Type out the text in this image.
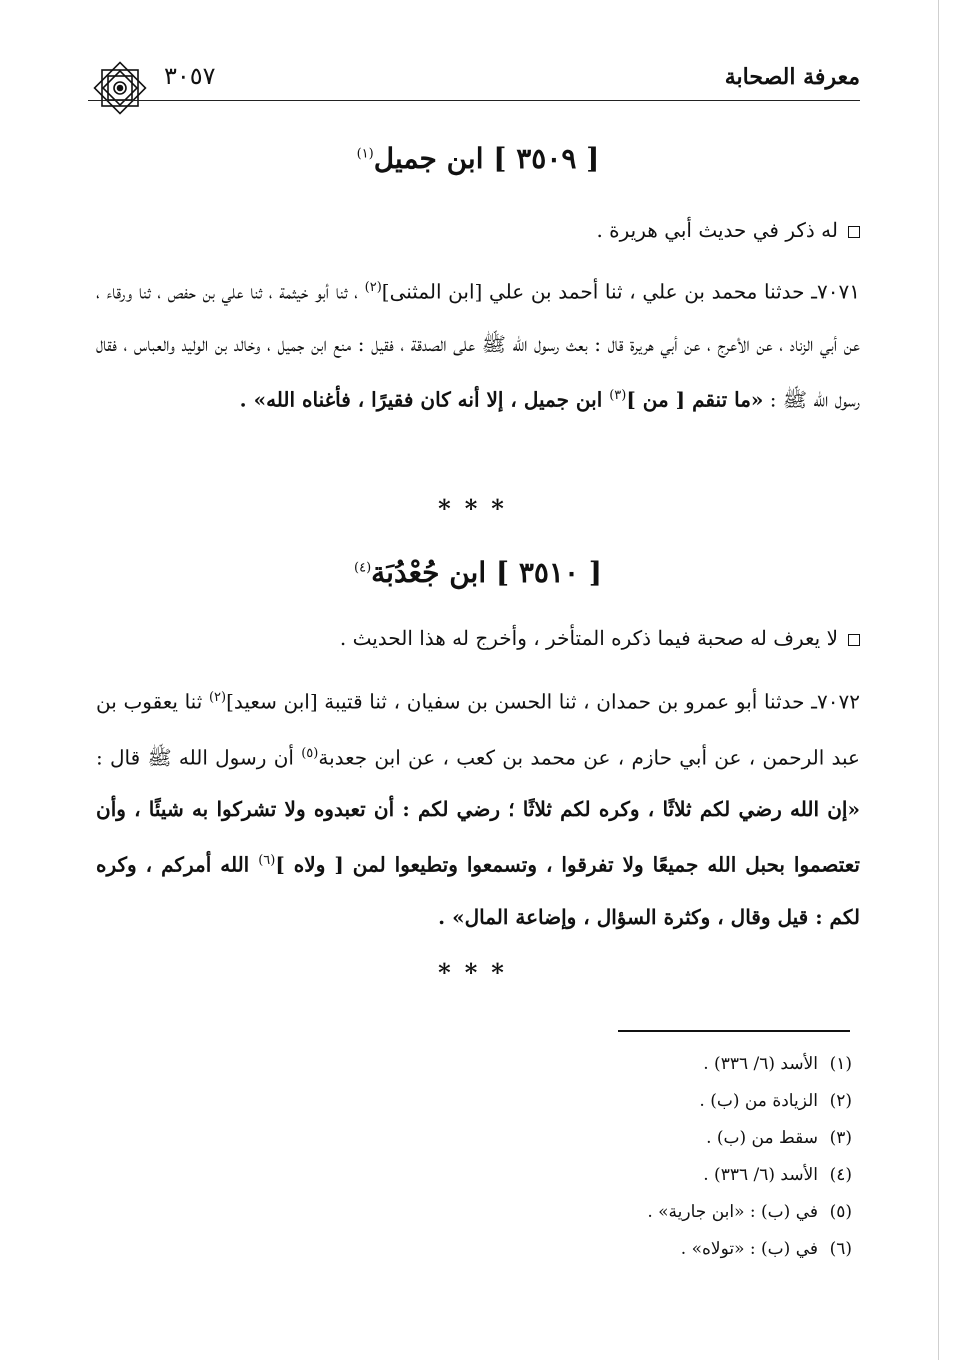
معرفة الصحابة
٣٠٥٧
[ ٣٥٠٩ ] ابن جميل$^{(١)}$

له ذكر في حديث أبي هريرة .

٧٠٧١ـ حدثنا محمد بن علي ، ثنا أحمد بن علي [ابن المثنى]$^{(٢)}$ ، ثنا أبو خيثمة ، ثنا علي بن حفص ، ثنا ورقاء ، عن أبي الزناد ، عن الأعرج ، عن أبي هريرة قال : بعث رسول الله ﷺ على الصدقة ، فقيل : منع ابن جميل ، وخالد بن الوليد والعباس ، فقال رسول الله ﷺ : «ما تنقم [ من ]$^{(٣)}$ ابن جميل ، إلا أنه كان فقيرًا ، فأغناه الله» .

***
[ ٣٥١٠ ] ابن جُعْدُبَة$^{(٤)}$

لا يعرف له صحبة فيما ذكره المتأخر ، وأخرج له هذا الحديث .

٧٠٧٢ـ حدثنا أبو عمرو بن حمدان ، ثنا الحسن بن سفيان ، ثنا قتيبة [ابن سعيد]$^{(٢)}$ ثنا يعقوب بن عبد الرحمن ، عن أبي حازم ، عن محمد بن كعب ، عن ابن جعدبة$^{(٥)}$ أن رسول الله ﷺ قال : «إن الله رضي لكم ثلاثًا ، وكره لكم ثلاثًا ؛ رضي لكم : أن تعبدوه ولا تشركوا به شيئًا ، وأن تعتصموا بحبل الله جميعًا ولا تفرقوا ، وتسمعوا وتطيعوا لمن [ ولاه ]$^{(٦)}$ الله أمركم ، وكره لكم : قيل وقال ، وكثرة السؤال ، وإضاعة المال» .

***

(١)الأسد (٦/ ٣٣٦) .

(٢)الزيادة من (ب) .

(٣)سقط من (ب) .

(٤)الأسد (٦/ ٣٣٦) .

(٥)في (ب) : «ابن جارية» .

(٦)في (ب) : «تولاه» .
